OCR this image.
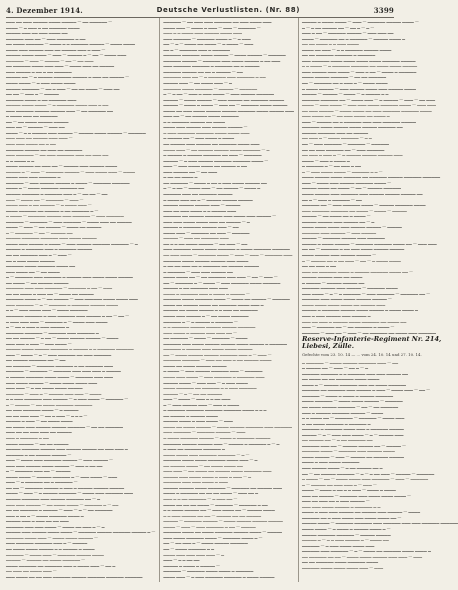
4. Dezember 1914.	Deutsche Verlustlisten. (Nr. 88)	3399
▁▁▁ ▁▁ ▁▁▁ ▁▁▁▁▁ ▁▁▁▁ ▁▁▁▁▁ — ▁▁ ▁▁▁▁▁▁ —
▁▁▁▁ — ▁ ▁▁▁ ▁ ▁▁ ▁▁▁▁▁▁ ▁▁▁▁
▁▁▁▁▁ ▁▁▁ ▁▁ ▁▁▁ ▁▁▁▁ ▁▁
▁▁▁▁▁▁ ▁▁▁ ▁▁ — ▁▁▁ ▁▁▁▁▁▁ ▁ ▁▁
▁▁ ▁▁▁▁ ▁▁▁▁▁▁ — ▁▁▁▁ ▁ ▁ ▁▁▁▁▁▁ ▁▁▁▁▁ — ▁▁▁▁ ▁▁▁▁
▁▁▁▁ ▁▁▁ ▁▁▁▁▁ ▁▁▁ ▁▁ ▁▁▁▁▁ ▁▁▁ ▁ ▁▁▁ —
▁▁▁▁▁ ▁▁▁▁ ▁▁▁▁ — ▁▁▁ — ▁▁▁▁▁ ▁ — ▁▁ — ▁▁▁▁ ▁▁▁
▁▁▁▁▁▁ — ▁▁▁ — ▁▁▁▁▁ — ▁▁ — ▁▁ ▁▁▁
▁▁ ▁▁▁▁▁▁ ▁▁▁▁ ▁▁▁ ▁▁▁ — ▁▁▁▁ ▁▁▁ ▁▁ ▁▁▁▁▁
▁▁▁ ▁▁▁▁▁ ▁ ▁▁ ▁ ▁▁ ▁▁▁▁▁▁
▁▁▁▁▁ ▁▁ — ▁ ▁▁▁▁▁ ▁▁▁▁▁▁ ▁▁▁▁▁ ▁ ▁▁▁ ▁▁ ▁▁▁▁▁ —
▁▁▁▁ ▁▁▁▁ — ▁ ▁▁▁ ▁▁▁▁ ▁▁▁▁
▁▁▁▁▁ ▁▁▁▁▁▁ — ▁▁ ▁ ▁▁▁ — ▁▁ ▁▁ ▁▁▁▁ — ▁▁▁ ▁▁
▁▁ ▁▁ — ▁▁▁ ▁ — ▁▁▁▁▁
▁▁▁▁▁▁ ▁▁▁▁ ▁ ▁▁ ▁▁▁▁▁▁ ▁▁▁
▁▁▁▁▁ ▁▁▁▁ ▁▁▁▁ — ▁ ▁▁▁▁▁▁ ▁▁▁▁ ▁▁▁ ▁ ▁▁
▁▁▁ ▁▁▁▁▁▁ ▁▁▁▁▁ ▁▁▁▁▁ ▁▁▁ — ▁▁ ▁▁▁▁▁▁ ▁▁
▁ ▁▁▁▁ ▁▁▁ ▁▁ ▁▁▁▁▁▁
▁▁ — ▁▁ ▁▁▁▁ ▁▁▁▁▁ ▁▁▁▁▁
▁▁▁ ▁▁ — ▁▁▁▁▁ — ▁▁▁ ▁▁
▁▁▁▁ — ▁ ▁ ▁▁▁▁▁ ▁▁▁ ▁▁▁▁▁ — ▁▁▁▁▁ ▁▁▁▁ ▁▁▁▁▁ — ▁▁▁▁▁▁
▁▁▁ ▁▁▁ ▁▁ ▁▁▁▁▁ ▁▁▁ ▁▁▁ —
▁▁▁ ▁▁▁ ▁▁▁▁ ▁▁ ▁ ▁▁
▁▁▁▁▁▁ ▁▁▁▁▁ ▁▁ ▁▁▁ ▁▁ ▁▁▁▁▁▁
▁▁▁ ▁▁▁▁▁▁ — ▁▁ ▁▁▁ ▁▁▁▁▁▁ ▁▁▁ ▁▁ ▁▁▁ ▁▁
▁ ▁ ▁▁▁▁ ▁ ▁
▁▁▁▁ ▁▁▁▁▁ ▁▁ ▁▁▁ ▁▁ — ▁▁▁▁▁ ▁▁▁ ▁▁▁▁▁ ▁▁▁▁
▁▁▁▁▁ ▁ — ▁▁▁ — ▁▁▁▁▁▁ ▁▁▁▁▁ — ▁▁▁ ▁▁▁▁ ▁▁▁ — ▁▁▁▁
▁▁▁▁ ▁▁▁ ▁▁▁ ▁▁▁▁▁▁ ▁
▁▁▁▁▁▁ — ▁▁▁ ▁▁▁▁▁ ▁▁▁▁▁ ▁ ▁▁▁▁ — ▁▁▁▁▁▁ ▁▁▁▁▁▁
▁▁▁▁ ▁ — ▁▁▁▁ ▁▁▁▁▁▁ ▁▁▁▁▁▁ ▁▁
▁▁▁▁▁ ▁▁▁▁▁▁ ▁ ▁▁▁▁▁▁ ▁▁▁ ▁ — ▁▁ ▁▁ — ▁▁
▁▁▁ — ▁▁▁▁ ▁▁ — ▁▁▁▁▁▁ — ▁▁▁ —
▁▁▁▁ ▁▁▁ ▁ ▁▁ ▁▁▁▁▁ — ▁ ▁▁▁▁ ▁▁▁ —
▁▁▁▁ ▁▁▁▁▁▁ ▁▁ ▁▁▁▁▁ ▁ ▁▁ ▁▁▁▁▁▁ ▁ —
▁ ▁▁▁▁ — ▁▁▁▁▁▁ ▁▁▁▁▁ ▁▁▁ ▁▁▁▁▁▁ — ▁▁▁ ▁▁▁▁▁▁
▁▁▁▁▁▁ — ▁▁▁▁▁▁ — ▁▁▁ ▁▁▁▁▁▁ — ▁▁▁▁ ▁▁▁ ▁▁ ▁▁▁▁▁
▁▁▁▁ — ▁▁▁ — ▁▁ ▁▁▁▁▁ — ▁▁▁▁ ▁▁ ▁▁▁▁▁
▁ — ▁▁▁▁▁▁ — ▁▁ — ▁▁▁▁▁ ▁▁
▁▁▁▁▁ ▁▁▁▁▁▁ ▁▁▁▁▁▁ ▁▁▁ ▁▁▁▁ ▁▁▁▁▁
▁▁▁▁ ▁▁▁ ▁▁▁▁▁ ▁ ▁▁▁▁ — ▁▁▁ ▁▁▁▁▁ ▁▁▁▁▁▁ ▁▁▁▁▁▁ — ▁
▁▁▁▁▁ ▁ ▁▁▁▁▁▁ ▁▁▁ ▁ ▁▁▁▁▁▁ ▁▁▁▁▁
▁▁ ▁▁ ▁▁▁▁▁▁ ▁▁▁ ▁ — ▁▁▁ —
▁▁ ▁ ▁▁▁ ▁▁▁▁ ▁▁▁▁▁
▁▁▁▁▁▁ ▁▁▁▁ ▁▁▁▁▁▁ ▁▁▁▁ ▁▁
▁▁▁ ▁▁▁▁ ▁▁ — ▁▁ ▁▁▁▁
▁ — ▁▁▁▁▁▁ ▁▁▁ ▁▁▁▁▁▁ ▁ ▁▁▁▁▁ ▁▁▁ ▁▁▁▁ ▁▁▁▁ ▁▁▁▁▁
▁▁ ▁▁▁▁ — ▁▁ ▁▁▁▁▁ ▁▁▁▁▁
▁▁▁▁▁▁ ▁▁▁ ▁▁▁ ▁▁▁▁▁▁ — ▁▁▁▁▁▁ ▁ ▁▁ — ▁▁▁
▁▁ ▁▁ ▁▁▁▁ ▁ ▁▁▁ ▁▁ — ▁▁▁▁ ▁▁ ▁▁▁▁▁
▁▁▁▁▁▁ ▁▁▁▁ ▁ — ▁▁ ▁▁▁▁▁ — ▁▁▁ ▁▁▁▁▁▁ ▁▁▁▁ ▁▁▁▁ ▁▁▁
▁▁▁ ▁▁▁▁▁▁ — ▁ — ▁▁▁▁▁▁ ▁ ▁▁▁▁▁▁ ▁▁▁▁▁ ▁▁▁▁
▁ ▁ — ▁▁▁ ▁▁▁▁ ▁▁▁ — ▁▁▁▁ ▁▁▁▁▁▁
▁▁▁▁▁▁ ▁▁▁▁▁▁ ▁ ▁▁▁ ▁▁▁▁▁▁ ▁▁▁ ▁▁▁▁▁ ▁ ▁▁ — ▁▁ —
▁ ▁▁▁ ▁▁▁ ▁▁▁ — ▁▁▁▁▁▁ ▁ — ▁▁▁▁ ▁▁▁ ▁▁▁▁
▁ — ▁▁ ▁ ▁▁▁ ▁ ▁▁▁ ▁▁▁▁▁ ▁
▁▁▁▁▁▁ ▁▁▁▁▁▁ — ▁▁▁▁▁▁ ▁▁▁ ▁▁▁▁▁▁ ▁
▁▁ ▁▁ ▁▁▁▁▁ — ▁ ▁▁ — ▁▁▁▁ ▁▁▁▁▁ ▁▁▁▁▁ — ▁▁▁▁
▁▁▁ ▁▁▁ ▁ ▁▁▁ — ▁▁▁ ▁▁▁▁ —
▁▁▁▁▁ ▁▁▁▁ ▁▁▁▁▁ ▁▁▁▁▁▁ ▁ ▁▁▁▁▁ ▁ ▁ ▁▁▁▁▁▁ ▁▁▁▁▁▁
▁▁▁ — ▁▁▁▁ — ▁ — ▁▁▁ ▁▁▁▁▁▁ ▁▁ ▁▁▁ ▁▁▁▁▁▁
▁▁ ▁▁▁▁▁ ▁▁▁▁▁▁ ▁▁ — ▁▁
▁▁ ▁▁▁▁▁▁ — ▁▁▁▁▁▁ ▁▁▁▁▁▁ ▁ ▁▁ ▁▁▁▁▁▁ ▁▁▁
▁▁▁▁▁▁ — ▁▁▁▁▁▁ — ▁▁▁▁▁▁ ▁▁▁ ▁▁▁ ▁▁▁ ▁ ▁▁▁▁▁
▁ ▁▁▁▁▁ ▁▁▁▁▁▁ ▁▁▁▁ ▁▁▁▁ — ▁▁▁▁▁▁ ▁▁▁ ▁▁▁
▁▁▁ ▁▁▁▁ ▁▁▁▁▁ — ▁▁▁▁ ▁▁▁▁ ▁▁▁▁ ▁▁▁
▁▁▁ ▁▁▁ — ▁ ▁▁ ▁▁▁▁ ▁▁▁▁ ▁▁▁▁▁
▁▁▁▁▁▁ — ▁▁▁ ▁ — ▁▁▁▁▁ ▁▁▁ ▁▁▁ — ▁▁▁▁
▁ ▁ ▁▁▁ ▁▁▁▁▁▁ ▁▁▁ ▁▁▁▁▁ — ▁ ▁▁▁ ▁▁▁▁ — ▁▁▁▁▁▁ —
▁ — ▁▁▁▁▁ — ▁▁ ▁▁▁▁ ▁▁▁▁▁▁ ▁▁▁▁▁▁
▁▁ ▁▁▁ ▁▁▁▁▁▁ ▁▁▁▁ — ▁ ▁▁▁▁▁
▁▁ ▁▁ ▁▁▁ ▁▁▁ — ▁▁ ▁ ▁▁▁ — ▁ ▁ ▁ —
▁▁▁▁▁ ▁ ▁▁▁ — ▁▁ ▁▁▁▁ ▁▁▁▁
▁▁ ▁▁▁▁ ▁▁▁ ▁▁▁▁▁ ▁▁▁▁▁ ▁▁▁▁▁▁ — ▁▁ ▁▁ ▁▁▁▁▁▁
▁▁▁ ▁▁ ▁▁ ▁▁▁ ▁▁▁ ▁▁ ▁▁▁▁▁
▁▁▁ ▁ ▁▁▁▁▁▁ ▁ ▁▁
▁▁▁▁ ▁▁▁▁▁ — ▁▁ ▁▁ ▁▁▁▁▁
▁▁▁▁▁ ▁▁▁▁▁▁ ▁▁▁▁▁ ▁▁▁ ▁▁▁▁▁ ▁▁▁▁▁ ▁▁ ▁▁▁ ▁▁▁ ▁
▁▁▁▁▁▁ ▁ ▁▁ ▁▁▁▁▁ ▁▁▁▁▁ —
▁▁▁ — ▁▁▁▁ ▁▁▁ ▁▁▁▁▁▁ ▁▁▁▁▁ — ▁▁▁ ▁▁▁▁▁ —
▁▁▁ ▁▁▁ ▁▁▁▁▁ ▁▁▁▁ ▁▁▁▁▁ — ▁▁▁ ▁ ▁▁ ▁▁
▁ — ▁▁▁▁▁▁ ▁▁▁ ▁▁ — ▁▁▁▁▁
▁▁▁▁ ▁▁▁▁ — ▁▁▁▁▁ ▁▁▁▁▁▁ ▁ — ▁▁▁ ▁▁▁▁ — ▁▁▁
▁▁▁ — ▁ ▁▁▁▁▁▁ ▁▁ ▁ ▁▁▁▁▁▁ —
▁▁ ▁▁ — ▁▁▁▁▁▁ ▁▁▁▁▁ ▁ ▁▁▁ ▁ ▁▁▁▁▁ ▁▁▁▁▁ ▁▁▁▁▁
▁▁▁▁ — ▁▁▁ — ▁ ▁▁▁▁▁ ▁▁▁▁▁▁ — ▁▁▁▁ ▁▁▁ ▁▁▁▁▁▁ ▁▁▁
▁▁▁▁▁ ▁▁▁▁▁▁ ▁▁▁ ▁▁▁▁▁ ▁▁▁▁▁▁ ▁▁ — ▁
▁▁▁ ▁▁▁ ▁▁▁▁▁ — ▁▁ ▁▁▁▁ ▁▁▁▁ — ▁▁▁▁▁▁ ▁ — ▁▁
▁▁ ▁▁ ▁▁▁▁▁▁ ▁ ▁▁▁▁▁ — ▁▁▁ — ▁ — ▁▁ ▁▁▁▁▁▁
▁▁▁ ▁ ▁▁ ▁ — ▁▁▁▁ ▁▁▁▁▁▁ ▁▁▁▁ ▁
▁▁▁▁▁ ▁▁▁ ▁ ▁▁▁ ▁▁ ▁▁ ▁▁▁
▁▁▁▁▁▁ ▁▁▁ ▁▁▁ ▁▁▁▁ — ▁▁▁▁ ▁▁ ▁▁▁ ▁ — ▁
▁▁▁▁▁ ▁▁▁ ▁▁▁▁▁ ▁▁▁▁ ▁▁▁▁ — ▁▁▁▁▁▁ ▁▁▁▁▁ ▁▁▁▁▁▁ ▁▁▁▁▁ ▁ —
▁▁▁▁▁▁ ▁▁▁▁ ▁▁▁ — ▁▁▁▁ ▁▁▁▁ ▁▁▁▁▁ —
▁▁▁ ▁▁▁▁▁▁ ▁▁▁▁▁▁ ▁▁▁ ▁ — ▁▁▁▁▁
▁▁ ▁▁▁▁ ▁▁▁▁ ▁▁▁▁▁ ▁ ▁ ▁▁▁▁▁ ▁ ▁▁▁▁
▁▁▁▁▁▁ — ▁▁▁▁ ▁▁▁ — ▁▁▁▁▁▁ ▁▁▁▁▁ ▁▁▁▁
▁▁▁▁▁ — ▁▁▁▁▁ ▁▁ ▁▁▁▁ ▁▁▁▁▁▁ —
▁▁▁▁ ▁▁▁▁▁▁ ▁▁ ▁▁▁▁▁▁ ▁▁▁ ▁ ▁▁▁▁ ▁▁▁ — ▁▁ ▁
▁▁ ▁▁▁ ▁▁ ▁▁▁▁ ▁▁▁ —
▁▁▁ ▁▁▁▁ ▁▁ ▁▁ ▁▁▁ ▁▁▁▁▁▁ ▁▁▁▁▁ ▁▁▁▁▁▁ ▁▁▁▁▁▁ ▁▁▁▁▁▁
▁▁▁▁▁▁ — ▁▁ ▁▁▁ ▁▁▁ ▁▁▁▁▁▁ ▁▁ ▁▁▁ ▁▁▁▁ ▁▁▁
▁▁▁▁ ▁▁▁ — ▁▁▁▁ ▁ ▁▁▁ — ▁▁▁ — ▁▁▁▁▁▁ —
▁▁▁ ▁ ▁ ▁▁▁▁ ▁▁▁ ▁▁▁▁▁ ▁▁▁▁ ▁▁▁
▁▁▁ ▁▁▁▁▁▁ — ▁▁▁▁▁▁ ▁▁▁▁ ▁ — ▁ ▁▁▁
▁▁ — ▁ — ▁▁▁▁ ▁▁ ▁▁▁▁ — ▁ ▁▁▁▁ — ▁▁▁
▁▁ ▁ — ▁▁▁▁▁▁ ▁▁▁ ▁ ▁▁▁▁▁▁
▁▁▁▁▁▁ ▁▁▁▁▁▁ ▁▁▁▁ ▁▁▁▁▁ — ▁▁▁▁ ▁▁▁▁▁ — ▁▁▁▁▁▁
▁▁▁▁▁▁ ▁▁▁▁▁ — ▁▁▁▁▁▁ ▁▁▁ ▁▁▁▁ ▁▁▁▁▁ ▁ ▁▁ ▁▁▁
▁▁▁ ▁▁▁▁▁▁ ▁▁▁▁▁▁ ▁ ▁▁▁▁▁▁ ▁▁ ▁ ▁▁▁▁▁
▁▁▁▁▁▁ ▁▁▁▁▁ ▁▁ ▁▁ ▁ ▁▁▁▁▁ — ▁▁
▁▁▁▁▁▁ ▁▁▁ ▁▁ — ▁ ▁▁▁▁▁▁ ▁▁▁ ▁▁▁▁▁▁ ▁ ▁▁
▁▁▁▁▁ ▁▁▁ — ▁▁ ▁▁▁▁ ▁▁▁ — ▁
▁▁▁▁▁▁ ▁▁▁▁ ▁▁▁▁▁▁ — ▁▁▁▁▁ — ▁▁▁▁▁▁
▁ — ▁ ▁▁ — ▁▁▁ ▁ ▁▁▁ ▁▁▁▁ — ▁▁▁ ▁▁▁▁▁ ▁▁▁▁▁▁
▁▁▁▁▁ — ▁▁▁▁ ▁▁▁▁▁ — ▁▁▁ ▁▁▁▁▁ ▁▁ ▁▁▁▁▁▁ ▁▁▁▁▁
▁▁▁▁▁ — ▁▁▁▁ ▁ ▁▁▁▁ — ▁▁▁ ▁▁ — ▁▁▁▁▁▁ ▁▁▁▁ ▁▁▁▁▁
▁▁▁▁ ▁▁ ▁▁▁ ▁▁▁▁ ▁▁▁▁▁ ▁▁▁▁▁ ▁▁▁▁▁▁ ▁▁▁▁ ▁▁▁▁▁ ▁▁▁
▁▁▁ ▁▁ — ▁▁ ▁▁▁▁▁ ▁▁▁▁ ▁▁▁▁▁▁
▁ ▁ ▁▁▁▁▁▁ ▁▁▁▁▁ ▁▁ ▁▁▁▁
▁▁▁▁ ▁▁▁ ▁▁▁▁▁ ▁▁▁ ▁▁▁▁▁ ▁▁▁▁▁ —
▁ ▁▁▁ ▁▁▁▁▁▁ ▁▁▁▁▁▁ ▁▁▁▁ ▁▁▁▁ ▁▁▁
▁ ▁▁▁▁▁ ▁▁ — ▁▁▁ ▁▁▁▁ ▁ ▁▁▁▁
▁▁ ▁▁▁▁▁ ▁▁▁ ▁▁▁▁▁ ▁▁ ▁▁▁▁▁▁ ▁▁▁▁ ▁▁▁
▁▁▁▁ ▁▁▁ — ▁▁ ▁▁▁▁▁ ▁▁▁▁▁ ▁▁▁▁ ▁▁▁▁▁▁ — ▁
▁ ▁▁▁▁▁ ▁ ▁▁▁▁▁ ▁▁▁▁▁▁ ▁▁ ▁▁▁ — ▁▁▁▁▁▁
▁▁▁▁▁ — ▁ ▁▁▁ ▁▁▁▁▁ ▁▁▁▁▁▁ ▁▁▁▁▁▁ ▁▁▁▁ —
▁▁▁ — ▁▁▁ ▁▁▁▁ ▁▁▁▁ ▁▁ ▁▁▁▁▁ ▁ ▁▁
▁▁▁ ▁▁▁▁▁ ▁▁ — ▁▁ ▁▁▁
▁ ▁▁ ▁▁ ▁▁▁▁ ▁
▁▁ ▁▁▁▁▁▁ — ▁▁▁▁ ▁ ▁▁ ▁ ▁▁▁ ▁▁▁▁ ▁▁▁▁▁ ▁▁
▁ — ▁ ▁▁ — ▁▁▁▁ ▁▁▁ — ▁▁ ▁▁▁▁▁ — ▁▁▁▁ ▁
▁▁▁▁▁▁ ▁▁▁ ▁▁ ▁▁▁▁▁▁ ▁▁▁▁▁
▁ ▁▁▁▁ ▁▁▁ ▁▁ ▁ — ▁▁▁▁▁ ▁▁▁▁▁ ▁▁▁▁▁
▁▁▁▁▁ ▁▁▁▁▁ ▁▁▁▁▁ ▁▁▁ — ▁▁▁▁▁
▁▁▁ ▁▁ ▁▁▁ ▁▁▁▁ ▁ ▁ ▁▁▁▁▁ ▁▁▁
▁▁▁▁▁▁ ▁▁ ▁▁▁▁▁ ▁▁▁▁▁▁ ▁▁▁ ▁▁▁▁ ▁▁▁ ▁▁▁▁▁ —
▁▁▁ ▁▁▁ ▁▁▁▁ ▁▁▁▁ ▁▁▁ ▁▁ ▁▁▁▁▁ — ▁
▁▁▁▁▁ ▁ ▁▁▁▁▁▁ ▁▁▁▁▁ ▁▁▁ — ▁▁
▁▁▁▁ ▁▁▁ — ▁▁▁▁▁▁ ▁▁ ▁▁▁ — ▁▁▁▁▁▁
▁▁▁▁▁ — ▁▁▁ ▁▁ ▁▁▁▁▁▁ ▁▁▁
▁▁ ▁ ▁ ▁▁ ▁▁▁▁ ▁▁▁▁▁ — ▁▁ ▁▁▁ — ▁▁
▁▁▁ ▁▁▁▁▁▁ ▁▁▁▁ ▁▁▁▁ ▁▁▁▁▁▁ ▁ ▁▁▁▁ ▁▁▁▁▁▁ ▁▁▁▁▁▁
▁▁ ▁▁▁ ▁▁▁▁ — ▁▁▁▁▁▁ ▁▁▁▁ — ▁▁▁ — ▁▁▁ — ▁▁▁▁▁▁ ▁▁▁
▁▁▁▁▁▁ ▁▁▁▁ ▁▁▁▁▁ ▁▁▁▁▁ ▁▁▁ ▁▁▁▁
▁ ▁▁ ▁▁ ▁▁▁ ▁▁ ▁ ▁▁▁▁▁▁ ▁▁ ▁▁▁▁▁ ▁▁▁▁▁
▁ ▁▁▁▁▁▁ — ▁▁▁ ▁▁▁ ▁▁▁▁▁ ▁▁
▁▁▁▁ ▁▁▁▁ ▁▁ — ▁▁ ▁▁▁▁▁▁ ▁▁▁ ▁▁▁ — ▁▁ — ▁▁▁ —
▁▁ — ▁▁▁▁▁▁ ▁ — ▁▁▁▁ — ▁▁▁ ▁▁▁▁▁▁ ▁▁▁▁ ▁▁▁▁▁▁
▁▁▁▁▁ ▁ ▁▁ ▁▁▁▁▁▁ ▁▁▁ ▁▁▁
▁▁▁▁ ▁ ▁▁▁▁▁▁ ▁▁▁ ▁ ▁▁▁▁ ▁ ▁▁▁▁▁ —
▁▁▁▁▁▁ ▁▁▁▁ ▁▁▁▁▁▁ ▁▁▁▁ — ▁▁▁▁ ▁▁ ▁▁▁▁▁ — ▁▁▁▁▁▁
▁▁▁▁ ▁▁ ▁▁▁▁▁ ▁▁▁▁ ▁▁ ▁▁▁▁▁▁ ▁▁▁▁ ▁▁▁ ▁
▁▁▁▁▁ ▁▁ ▁▁▁▁ ▁▁▁▁▁ ▁ ▁ ▁▁▁ ▁▁ ▁▁▁▁▁▁
▁▁▁▁ ▁▁▁ ▁▁▁▁▁ ▁ — ▁▁ ▁▁▁▁ ▁▁▁▁▁▁
▁▁▁▁▁▁ ▁ — ▁ ▁▁▁▁▁ ▁ ▁▁▁▁▁▁ —
▁ ▁ ▁▁▁▁▁▁ ▁▁▁▁▁ ▁▁▁▁▁ ▁▁▁▁▁ ▁▁▁▁▁▁
▁▁▁ ▁▁▁▁ ▁ ▁▁▁▁▁ ▁▁▁ ▁▁▁ ▁▁ —
▁▁ ▁▁▁▁▁▁ — ▁▁▁▁ — ▁▁▁▁▁▁ — ▁▁▁▁
▁▁▁▁▁▁ ▁▁▁ ▁▁▁▁ ▁▁▁▁▁ ▁▁▁▁▁ ▁▁▁▁ ▁▁▁▁▁ ▁ ▁▁▁▁▁▁
▁▁▁▁▁▁ ▁ ▁▁▁▁▁ ▁▁▁ ▁▁▁▁ ▁▁▁▁ ▁▁▁▁▁
▁▁ — ▁▁▁▁ ▁▁▁▁▁ ▁▁▁▁▁ ▁▁▁▁▁▁ ▁▁▁ ▁ — ▁▁▁ —
▁▁▁▁▁▁ ▁▁▁▁▁▁ — ▁▁▁ ▁▁ ▁▁▁ ▁ ▁▁ ▁▁▁▁▁ ▁▁▁▁
▁▁▁▁ ▁▁ ▁▁▁▁ ▁▁▁▁▁ ▁▁▁▁▁
▁ ▁▁▁▁ — ▁▁▁ ▁▁▁▁▁ ▁▁▁▁▁▁ ▁▁▁ — ▁▁▁▁▁▁
▁▁▁▁ ▁▁▁ ▁▁▁▁ — ▁▁▁ ▁▁▁▁▁▁ ▁ ▁▁▁▁▁▁ ▁▁▁
▁▁▁▁▁ ▁▁▁▁ — ▁▁▁ ▁▁▁ — ▁ ▁▁▁ ▁▁▁▁
▁▁▁▁ ▁▁▁▁▁▁ ▁▁ ▁▁▁▁▁▁ ▁ ▁ ▁▁▁ ▁▁▁▁▁▁
▁▁▁▁▁ — ▁ — ▁▁ ▁▁ ▁▁▁▁▁
▁▁▁ — ▁▁▁▁ — ▁▁▁ ▁ ▁ ▁▁ ▁▁▁
▁ — ▁▁▁ ▁▁▁▁▁ ▁▁▁ — ▁▁▁ ▁ ▁▁▁▁
▁ ▁▁▁▁▁▁ ▁▁▁▁▁▁ ▁▁▁▁▁▁ ▁▁▁▁▁▁ ▁▁▁▁ ▁ ▁ ▁
▁▁ ▁▁▁▁▁ ▁ ▁▁▁▁▁ ▁▁▁▁
▁▁▁▁▁ ▁▁▁▁ ▁ ▁▁▁ ▁▁▁▁ — ▁▁▁
▁▁▁▁ ▁▁ ▁▁▁▁ ▁▁▁▁▁ — ▁▁▁▁ ▁▁▁▁▁ ▁▁▁▁▁▁ ▁▁▁ ▁▁▁▁▁▁
▁▁▁ ▁▁▁▁▁▁ — ▁▁▁▁▁▁ ▁▁▁▁▁ — ▁▁▁
▁ ▁▁▁▁ ▁▁▁▁▁▁ ▁▁▁▁▁ — ▁▁▁▁ ▁ ▁▁▁▁▁▁ ▁▁▁▁▁
▁▁▁▁▁▁ ▁▁▁▁▁ ▁▁▁▁▁ ▁▁▁ — ▁▁▁▁▁ ▁ ▁▁▁▁▁▁ ▁ — ▁
▁ ▁▁▁ ▁▁ ▁▁▁▁▁▁ ▁▁▁▁▁▁ ▁
▁▁▁▁ ▁▁▁▁ ▁▁▁ ▁▁▁▁▁▁ ▁▁▁▁▁▁ — ▁ —
▁▁▁▁▁▁ ▁▁▁▁ ▁▁▁▁ ▁▁▁▁▁▁ ▁▁▁▁ ▁▁▁ — ▁
▁▁ ▁▁▁▁▁ ▁▁▁▁ — ▁▁ ▁▁▁▁ ▁▁▁▁ ▁▁
▁▁▁ ▁▁▁ — ▁▁ ▁▁▁▁ ▁▁ ▁▁▁▁▁ ▁▁▁▁ ▁▁▁▁▁▁ ▁▁▁
▁▁▁▁▁ ▁▁▁ ▁▁▁▁ ▁▁▁▁ ▁ ▁▁▁ ▁ ▁▁▁ — ▁
▁▁▁▁▁▁ ▁▁▁ ▁▁▁ ▁▁▁▁ ▁ ▁▁▁
▁▁▁▁▁ ▁▁▁▁▁ ▁▁▁▁ ▁▁▁▁▁▁ — ▁▁▁▁▁▁ ▁▁ ▁▁▁▁▁ ▁▁▁
▁▁▁▁ ▁ ▁▁▁▁▁▁ ▁▁ ▁▁ ▁▁ ▁▁▁▁ — ▁▁▁ ▁▁ ▁
▁▁▁ ▁ ▁ ▁▁ ▁▁▁▁▁▁ — ▁ ▁▁▁ ▁▁ —
▁▁▁▁ ▁▁ ▁▁ ▁▁ ▁▁▁▁ — ▁▁▁▁▁▁ — ▁▁▁▁▁▁ ▁ ▁▁
▁ ▁ ▁▁▁▁ ▁▁▁▁▁ ▁▁ — ▁▁▁ ▁▁▁▁ ▁▁ — ▁▁▁▁▁ ▁▁▁▁
▁ ▁ ▁▁▁ ▁▁▁▁▁ ▁▁ ▁▁ — ▁▁▁▁▁ ▁▁ ▁▁ ▁▁▁▁▁
▁▁▁▁▁ — ▁▁▁▁▁▁ ▁▁▁▁▁ — ▁▁▁▁ ▁▁▁▁▁ ▁▁▁▁▁ ▁▁▁▁▁
▁▁▁▁ — ▁▁▁ — ▁▁▁ ▁▁▁▁▁▁ ▁ ▁▁ — ▁▁▁▁▁
▁▁▁▁▁▁ ▁▁▁▁ ▁▁ ▁▁▁▁ ▁▁▁▁▁▁ ▁▁▁▁▁ ▁▁▁▁ — ▁▁▁▁▁
▁▁▁ ▁▁▁▁ ▁▁▁▁▁▁ ▁▁▁▁ — ▁▁▁▁▁▁ ▁▁▁▁ ▁ —
▁▁ — ▁▁ ▁▁▁ ▁ — ▁▁▁▁ ▁▁▁▁▁ ▁▁▁▁▁▁
▁▁ — ▁▁▁▁ ▁▁▁▁▁▁ ▁ ▁
▁▁▁▁ ▁▁▁ ▁▁▁ ▁▁▁ ▁▁▁ — ▁
▁▁▁ — ▁ ▁ ▁▁ ▁▁
▁▁▁▁▁ ▁ ▁▁▁▁ ▁ ▁▁▁▁▁ —
▁▁▁▁▁▁ — ▁▁▁▁▁▁ ▁▁▁▁ ▁▁▁▁ ▁ ▁▁▁▁▁▁
▁▁▁▁ ▁▁▁ — ▁ ▁▁▁ ▁▁▁▁▁▁ ▁▁▁▁▁▁ ▁ ▁▁▁▁ ▁▁▁▁▁
▁▁▁▁▁ ▁ ▁▁▁▁ ▁▁▁▁ — ▁▁▁ — ▁▁▁▁▁▁ ▁▁▁▁▁ ▁▁▁▁ —
▁ — ▁ ▁▁ ▁▁▁▁▁ ▁▁ — ▁▁ ▁ — ▁ —
▁▁▁ ▁ ▁▁ — ▁▁▁▁▁▁ ▁▁▁▁▁ — ▁▁▁ ▁▁▁ ▁▁
▁▁▁▁ — ▁▁▁▁▁▁ ▁▁ ▁ ▁▁▁▁▁▁ — ▁▁▁▁▁ ▁▁▁▁ ▁
▁▁ ▁▁ ▁▁▁▁ ▁ ▁ ▁▁▁ ▁▁▁▁
▁▁▁▁ ▁▁ ▁▁▁ — ▁ ▁ ▁▁▁▁▁▁ ▁▁▁▁▁ ▁▁▁▁
▁▁ ▁▁ ▁▁▁▁▁▁ ▁▁▁▁▁▁ ▁ ▁▁▁▁▁▁
▁▁▁ ▁▁▁▁▁▁ ▁▁▁▁ ▁▁▁▁ ▁▁▁▁ ▁▁▁▁ ▁▁▁▁▁▁ ▁▁▁▁▁
▁ ▁ ▁▁▁▁ — ▁ ▁▁▁▁▁▁ ▁▁▁▁▁▁ ▁▁ ▁▁▁▁ ▁▁▁▁ ▁▁▁▁▁
▁▁▁ ▁▁▁▁▁ ▁▁▁ ▁▁▁▁ — ▁▁▁ ▁ ▁▁ — ▁▁▁▁ ▁ ▁▁▁▁▁▁
▁▁▁▁ ▁▁▁▁▁ ▁▁▁▁▁▁ — ▁▁ ▁▁ ▁▁▁▁▁▁
▁▁ — ▁▁▁▁▁▁ ▁▁ ▁ ▁▁▁ ▁ — ▁▁▁▁ ▁▁▁▁
▁ ▁▁▁▁ ▁▁▁▁▁ — ▁▁▁ ▁▁▁▁▁ ▁▁▁▁ ▁▁▁ ▁▁▁▁▁ ▁▁▁▁
▁▁▁▁▁ — ▁▁▁▁▁ — ▁▁▁▁ — ▁ ▁▁▁▁▁ ▁ ▁
▁▁▁▁▁▁ ▁▁▁▁▁▁ ▁▁ — ▁▁▁▁ ▁▁▁ — ▁ ▁▁▁▁▁ — ▁▁▁ — ▁▁ ▁▁▁
▁▁▁▁ — ▁▁▁ ▁▁▁▁ — ▁▁▁ ▁▁▁ ▁▁▁▁ ▁▁▁▁▁▁ ▁▁▁▁ — ▁▁▁ ▁▁▁
▁▁ ▁▁▁ ▁▁▁▁▁ — ▁▁▁▁ ▁▁▁▁ ▁▁ ▁▁▁ ▁▁▁▁▁▁ ▁▁▁▁▁▁ ▁▁▁▁
▁▁▁ ▁▁▁▁ ▁▁ — ▁▁ ▁▁▁ ▁▁▁▁ ▁▁ ▁▁▁▁ ▁
▁▁▁ — ▁▁▁▁▁ ▁▁ ▁ ▁▁▁▁▁▁ ▁▁▁ ▁▁▁ ▁▁▁▁▁▁ ▁▁▁▁▁
▁▁▁▁▁▁ ▁▁▁▁ ▁▁▁▁▁ ▁▁▁▁ ▁▁▁▁▁ ▁▁▁▁▁▁ ▁▁
▁▁▁▁▁ ▁▁▁▁▁▁ ▁▁▁ ▁▁ ▁▁▁▁▁
▁▁ ▁▁▁ ▁ — ▁▁▁▁ ▁▁▁▁▁▁ — ▁ ▁
▁▁ — ▁▁▁ ▁▁▁▁▁▁ — ▁▁▁▁▁▁ — ▁▁▁▁▁▁
▁▁ ▁▁ ▁▁▁ ▁▁▁▁▁▁ ▁▁ — ▁▁▁ ▁▁▁▁▁▁
▁▁ ▁▁▁ ▁ ▁▁▁ ▁ — ▁ ▁▁▁▁▁ ▁▁▁▁▁ ▁▁▁▁▁ ▁▁▁
▁▁▁▁ — ▁▁▁ ▁ ▁▁▁▁ ▁
▁ ▁▁▁▁▁▁ ▁ — ▁▁ ▁▁▁ ▁ ▁▁
▁ — ▁▁▁ ▁▁▁▁ ▁▁▁▁ — ▁▁▁▁▁▁ ▁ ▁ —
▁▁▁▁ ▁▁▁▁▁ ▁▁▁▁ ▁▁▁▁▁▁ ▁▁ ▁▁▁▁▁▁ ▁▁▁▁▁ ▁▁▁▁▁▁ ▁▁▁▁▁▁
▁▁▁ — ▁▁▁▁ ▁▁▁ ▁▁▁▁▁ ▁▁▁▁▁▁ ▁▁▁▁ —
▁▁▁▁▁ ▁▁▁▁ ▁▁ ▁▁▁▁ — ▁▁ — ▁▁▁▁▁ ▁▁▁▁▁▁
▁▁▁▁ ▁▁▁▁▁ ▁▁▁ ▁▁▁▁▁▁ ▁▁▁ ▁▁▁▁▁ ▁▁▁▁▁ ▁▁▁▁▁ ▁▁
▁▁ ▁ — ▁▁▁ ▁ ▁▁▁▁▁▁ — ▁▁
▁▁▁▁▁▁ ▁▁ — ▁▁▁ ▁▁▁▁▁▁ ▁▁▁▁ — ▁▁▁▁▁ ▁▁▁▁▁▁ ▁▁▁▁
▁▁▁ ▁▁▁▁▁▁ ▁▁▁▁▁▁ ▁▁ ▁▁▁▁ — ▁▁▁▁ — ▁▁▁▁▁
▁▁▁▁▁ — ▁▁ ▁▁▁▁ ▁▁ ▁ ▁▁▁▁ —
▁▁▁▁▁ ▁▁▁▁▁ ▁▁▁ ▁▁▁▁▁ ▁▁ — ▁
▁▁▁▁ ▁▁▁▁ ▁▁▁▁ ▁▁▁ ▁▁▁▁▁ ▁▁▁▁▁ — ▁▁▁▁▁
▁▁▁▁▁▁ ▁▁▁ ▁▁▁▁▁ — ▁▁▁ ▁▁▁▁▁
▁▁▁▁▁ — ▁▁▁▁▁▁ ▁▁▁▁▁ ▁▁▁ ▁▁▁▁▁▁
▁▁▁▁▁ ▁ ▁▁▁▁ ▁▁▁▁▁ — ▁▁▁▁▁▁ ▁▁▁▁▁▁ ▁▁▁▁ ▁▁ — ▁▁▁ ▁▁▁
▁▁ ▁▁ — ▁▁▁▁▁▁ ▁ ▁▁ ▁▁▁ ▁▁▁▁ ▁▁▁▁▁ ▁▁▁▁▁
▁▁▁▁ ▁▁▁▁▁ ▁▁▁ ▁▁▁▁▁ ▁▁▁▁▁ —
▁ — ▁▁▁▁▁ ▁▁ ▁ ▁▁ ▁▁▁ — ▁▁ — ▁ ▁▁▁▁ ▁▁▁▁
▁▁ ▁▁ ▁▁▁ ▁ ▁▁
▁▁▁ ▁▁ ▁▁▁▁▁▁ ▁▁▁▁ ▁ ▁▁▁▁▁ ▁▁▁▁▁▁ ▁▁▁▁ ▁▁ —
▁▁▁▁▁ ▁▁▁▁▁ ▁▁▁ ▁▁ ▁▁▁▁
▁ ▁▁▁▁▁ — ▁▁▁▁▁ ▁▁▁▁▁ ▁▁
▁▁▁▁▁▁ ▁▁▁▁▁ ▁▁▁ ▁▁▁▁▁ — ▁▁▁▁▁▁ ▁▁▁▁
▁▁▁ ▁▁▁▁ — ▁ — ▁ ▁▁▁▁▁▁ — ▁▁▁ ▁▁▁▁▁▁ — ▁▁▁▁▁▁ ▁▁ —
▁▁▁▁▁▁ ▁▁▁ ▁▁▁▁ ▁▁▁▁ ▁▁▁▁▁ ▁▁▁▁▁ —
▁▁▁▁ ▁▁▁▁ ▁▁▁▁ ▁▁▁▁ ▁▁ ▁▁▁▁▁ ▁▁▁
▁▁▁▁▁ ▁ ▁▁▁▁▁▁ ▁▁▁▁▁ ▁▁▁▁ ▁▁▁▁▁ ▁ ▁▁▁▁ ▁▁▁▁ ▁
▁▁▁ ▁ ▁▁▁ ▁▁▁▁▁ ▁▁▁ ▁▁▁▁▁ ▁
▁▁▁ ▁▁ ▁▁▁ ▁ ▁▁▁▁▁ ▁▁▁▁ ▁▁▁▁▁▁ ▁▁ ▁▁▁▁ ▁▁
▁▁▁ — ▁▁▁▁▁▁ ▁▁ — ▁▁ ▁▁▁▁▁▁ ▁ ▁▁▁▁ —
▁▁▁▁▁▁ — ▁▁▁ ▁▁ — ▁▁▁ — ▁▁ ▁▁▁▁▁▁ ▁▁ ▁▁▁▁ ▁▁▁ ▁▁▁▁▁▁
Reserve-Infanterie-Regiment Nr. 214, Liebesi, Zülle.
Gefechte vom 23. 10. 14 — ... vom 24. 10. 14 und 27. 10. 14.
▁ ▁▁▁▁▁▁ — ▁▁▁▁ ▁▁▁▁▁ ▁▁▁▁▁▁ ▁▁▁ — ▁▁
▁ ▁▁▁▁▁ ▁▁ — ▁▁▁ — ▁▁ ▁ — ▁
▁▁▁▁▁▁ ▁▁▁▁▁▁ ▁ ▁ ▁▁▁▁▁▁ ▁▁▁ ▁▁▁ ▁▁▁▁▁ ▁▁
▁▁ ▁▁▁▁ ▁▁ ▁▁ ▁▁▁▁▁▁ ▁▁▁▁ ▁▁▁▁
▁▁▁▁ ▁ — ▁▁▁▁▁ ▁▁▁▁▁▁ ▁▁▁ ▁▁ ▁▁▁▁ ▁▁▁▁▁▁
▁▁▁▁▁▁ ▁▁ ▁▁▁▁▁▁ ▁▁▁ ▁▁▁▁▁ ▁ ▁▁▁ — ▁▁▁▁ ▁▁▁ — ▁▁ —
▁▁▁▁▁▁ — ▁▁▁▁ ▁ ▁▁▁▁ ▁ ▁▁▁▁▁ ▁▁▁▁▁▁
▁▁▁▁ ▁▁▁▁▁▁ — ▁▁▁▁ ▁▁▁▁ ▁▁▁▁▁ — ▁▁▁▁▁▁
▁▁ ▁▁▁▁ ▁▁▁▁▁ ▁▁▁▁▁▁ — ▁▁ — ▁▁ ▁▁▁▁▁▁
▁▁▁ ▁ ▁▁▁▁▁ ▁▁▁▁▁▁ ▁▁▁▁▁ — ▁▁▁▁
▁ ▁ ▁▁▁▁ ▁▁ — ▁▁▁▁▁▁ — ▁▁▁▁▁▁ — ▁▁▁▁ ▁▁▁
▁ ▁▁ ▁▁▁▁ ▁▁▁▁▁▁ ▁ ▁▁▁▁▁▁ ▁
▁▁▁▁▁▁ ▁ ▁▁▁▁▁▁ ▁▁▁▁ ▁▁▁ ▁ ▁▁▁▁▁▁ ▁▁▁▁▁
▁▁▁▁▁ — ▁ — ▁▁▁ ▁▁▁ ▁▁▁▁ — ▁ — ▁▁▁▁▁ ▁▁▁
▁▁ ▁▁▁▁▁ ▁▁ — ▁ ▁▁ ▁▁▁▁▁▁ ▁▁
▁▁▁▁▁▁ ▁▁▁ ▁▁ — ▁▁▁▁▁ ▁▁▁▁▁ ▁▁ — ▁▁▁▁▁ —
▁▁▁▁▁▁ ▁▁▁▁ — ▁▁▁▁▁▁ ▁▁▁ ▁▁▁▁▁ ▁▁▁▁
▁▁▁▁ ▁▁▁▁▁ — ▁▁▁ — ▁▁▁▁▁ ▁▁ ▁▁▁▁▁ ▁▁▁▁▁
▁▁▁▁ ▁ ▁▁▁ ▁▁▁▁ ▁▁▁▁▁▁
▁▁▁ ▁▁▁▁▁ ▁▁▁▁ — ▁ ▁▁ ▁▁▁▁▁ ▁▁ ▁
▁▁ — ▁▁ ▁▁▁▁▁ ▁▁▁▁▁▁ — ▁ — ▁ ▁▁ ▁▁▁ — ▁▁▁▁▁ — ▁▁▁▁▁▁
▁ ▁▁▁▁ — ▁▁ — ▁▁▁▁ ▁▁▁▁ ▁▁▁ ▁▁▁▁▁▁ — ▁▁▁ — ▁▁▁▁▁▁
▁ — ▁▁▁▁▁ ▁▁ ▁▁▁ ▁▁▁ ▁ — ▁▁▁ —
▁▁▁▁ — ▁▁▁▁ ▁ ▁▁ ▁ ▁ ▁▁▁ — ▁▁▁▁ ▁ ▁▁▁▁
▁▁▁ ▁▁ ▁▁▁▁▁ — ▁▁▁▁▁▁ ▁▁▁ ▁▁▁▁ ▁▁▁▁ ▁▁▁▁ —
▁▁▁ ▁▁ ▁▁▁ ▁▁ ▁ ▁▁▁ ▁▁▁▁▁ —
▁▁▁ ▁▁▁ ▁▁▁▁ ▁▁▁▁▁ ▁ ▁▁▁▁▁▁ ▁ ▁
▁▁▁▁ ▁ ▁▁▁ ▁▁▁ ▁▁▁▁▁ ▁▁ ▁▁▁▁▁ ▁▁▁ ▁▁▁▁▁ — ▁▁▁▁
▁▁▁▁▁▁ ▁▁ ▁ ▁▁▁ ▁▁▁▁ ▁▁▁ ▁▁▁▁ ▁▁▁▁ ▁▁ —
▁▁▁▁▁ ▁▁▁▁ — ▁▁▁▁▁▁ ▁▁▁▁▁▁ ▁▁▁ ▁▁▁▁▁▁ ▁▁▁ ▁▁▁ ▁▁▁▁▁▁ ▁▁▁▁▁▁
▁▁▁▁ ▁▁▁▁ — ▁ ▁▁▁▁ ▁ ▁▁▁▁▁ ▁▁▁▁ ▁ —
▁▁▁▁▁ ▁▁▁▁▁▁ ▁▁▁▁▁▁ — ▁▁▁▁▁ ▁▁▁▁▁
▁▁▁▁▁ ▁ — ▁ ▁ ▁▁▁ ▁▁▁▁▁ ▁ — ▁▁▁▁ ▁▁
▁▁▁▁▁▁ — ▁ ▁▁▁ ▁▁▁▁ ▁▁▁▁ ▁▁▁
▁▁▁▁▁▁ ▁▁▁ ▁▁▁▁▁▁ — ▁ — ▁▁▁▁ ▁▁ ▁▁▁▁▁▁ ▁▁▁▁ ▁▁▁▁ ▁
▁▁ ▁▁▁▁▁▁ ▁▁ ▁▁ — ▁▁▁▁ ▁▁▁▁ ▁▁▁▁▁ ▁▁▁ ▁▁▁ — ▁▁▁
▁▁ ▁▁ ▁▁▁▁▁▁ ▁▁▁▁ ▁▁▁▁▁▁ ▁▁▁▁
▁▁▁▁▁▁ ▁▁▁▁ ▁▁▁▁ ▁▁▁▁ ▁▁▁ — ▁▁▁
